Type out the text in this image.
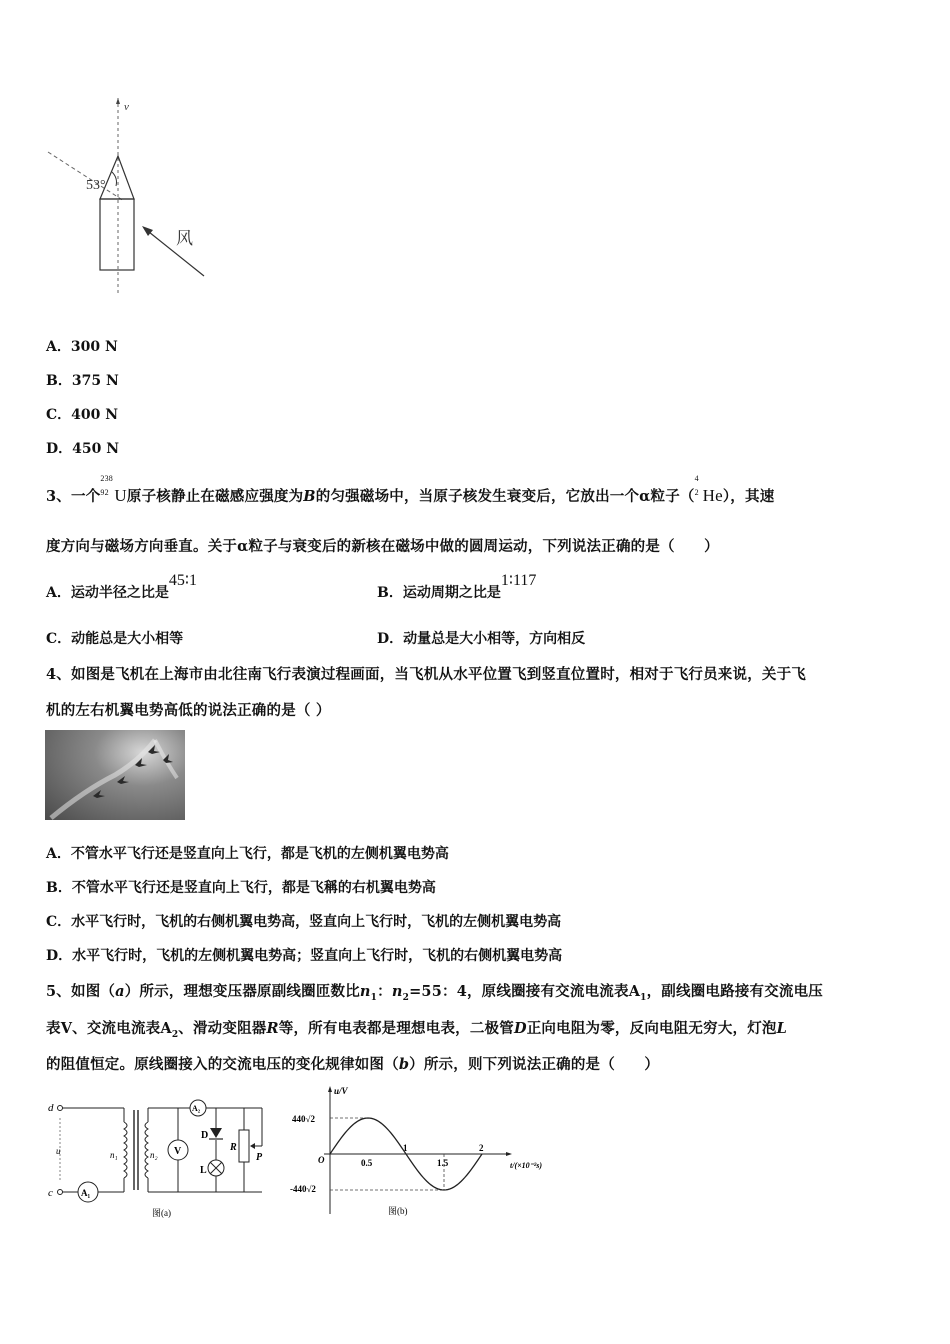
v
53°
风
A．300 N
B．375 N
C．400 N
D．450 N
3、一个
238
92 U原子核静止在磁感应强度为B的匀强磁场中，当原子核发生衰变后，它放出一个α粒子（
4
2 He），其速
度方向与磁场方向垂直。关于α粒子与衰变后的新核在磁场中做的圆周运动，下列说法正确的是（　　）
A．运动半径之比是45∶1
B．运动周期之比是1∶117
C．动能总是大小相等	D．动量总是大小相等，方向相反
4、如图是飞机在上海市由北往南飞行表演过程画面，当飞机从水平位置飞到竖直位置时，相对于飞行员来说，关于飞
机的左右机翼电势高低的说法正确的是（ ）
A．不管水平飞行还是竖直向上飞行，都是飞机的左侧机翼电势高
B．不管水平飞行还是竖直向上飞行，都是飞稱的右机翼电势高
C．水平飞行时，飞机的右侧机翼电势高，竖直向上飞行时，飞机的左侧机翼电势高
D．水平飞行时，飞机的左侧机翼电势高；竖直向上飞行时，飞机的右侧机翼电势高
5、如图（a）所示，理想变压器原副线圈匝数比$n_1$：$n_2=55$：4，原线圈接有交流电流表$A_1$，副线圈电路接有交流电压
表V、交流电流表$A_2$、滑动变阻器R等，所有电表都是理想电表，二极管D正向电阻为零，反向电阻无穷大，灯泡L
的阻值恒定。原线圈接入的交流电压的变化规律如图（b）所示，则下列说法正确的是（　　）
d
c
u	n₁	n₂
A₁
A₂
V
D
L
R
P
图(a)
u/V
440√2
-440√2
O
t/(×10⁻²s)
0.5
1
1.5
2
图(b)
